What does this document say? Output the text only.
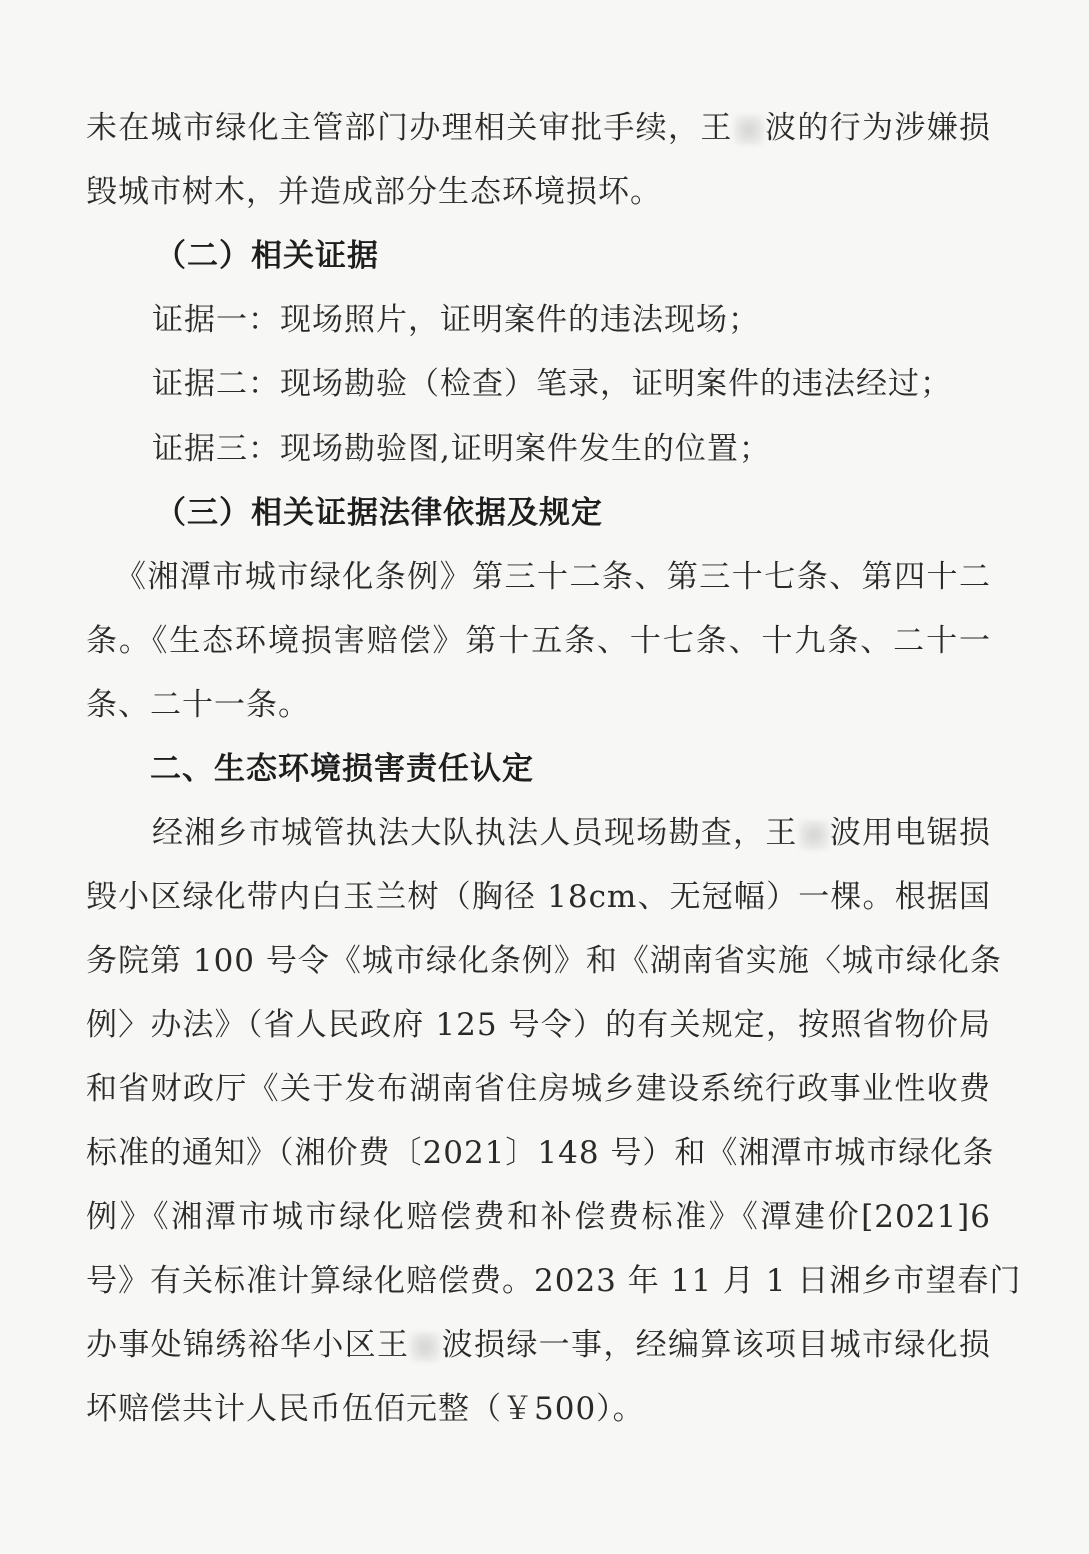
未在城市绿化主管部门办理相关审批手续，王 波的行为涉嫌损
毁城市树木，并造成部分生态环境损坏。
（二）相关证据
证据一：现场照片，证明案件的违法现场；
证据二：现场勘验（检查）笔录，证明案件的违法经过；
证据三：现场勘验图,证明案件发生的位置；
（三）相关证据法律依据及规定
《湘潭市城市绿化条例》第三十二条、第三十七条、第四十二
条。《生态环境损害赔偿》第十五条、十七条、十九条、二十一
条、二十一条。
二、生态环境损害责任认定
经湘乡市城管执法大队执法人员现场勘查，王 波用电锯损
毁小区绿化带内白玉兰树（胸径 18cm、无冠幅）一棵。根据国
务院第 100 号令《城市绿化条例》和《湖南省实施〈城市绿化条
例〉办法》（省人民政府 125 号令）的有关规定，按照省物价局
和省财政厅《关于发布湖南省住房城乡建设系统行政事业性收费
标准的通知》（湘价费〔2021〕148 号）和《湘潭市城市绿化条
例》《湘潭市城市绿化赔偿费和补偿费标准》《潭建价[2021]6
号》有关标准计算绿化赔偿费。2023 年 11 月 1 日湘乡市望春门
办事处锦绣裕华小区王 波损绿一事，经编算该项目城市绿化损
坏赔偿共计人民币伍佰元整（￥500）。
